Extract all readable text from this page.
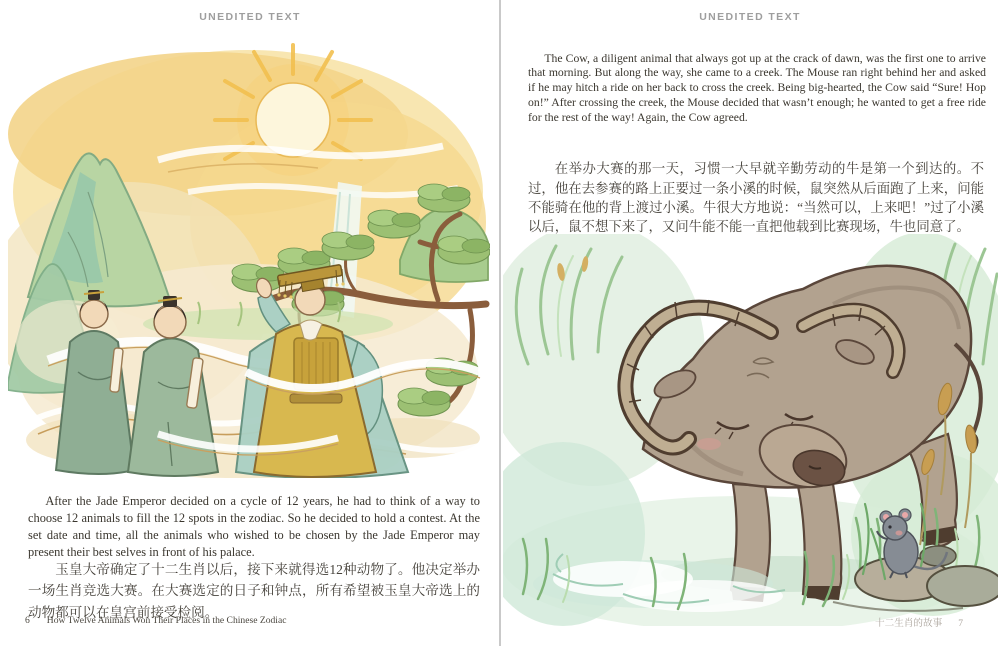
UNEDITED TEXT	UNEDITED TEXT

After the Jade Emperor decided on a cycle of 12 years, he had to think of a way to choose 12 animals to fill the 12 spots in the zodiac. So he decided to hold a contest. At the set date and time, all the animals who wished to be chosen by the Jade Emperor may present their best selves in front of his palace.

玉皇大帝确定了十二生肖以后，接下来就得选12种动物了。他决定举办一场生肖竞选大赛。在大赛选定的日子和钟点，所有希望被玉皇大帝选上的动物都可以在皇宫前接受检阅。

6 How Twelve Animals Won Their Places in the Chinese Zodiac

The Cow, a diligent animal that always got up at the crack of dawn, was the first one to arrive that morning. But along the way, she came to a creek. The Mouse ran right behind her and asked if he may hitch a ride on her back to cross the creek. Being big-hearted, the Cow said “Sure! Hop on!” After crossing the creek, the Mouse decided that wasn’t enough; he wanted to get a free ride for the rest of the way! Again, the Cow agreed.

在举办大赛的那一天，习惯一大早就辛勤劳动的牛是第一个到达的。不过，他在去参赛的路上正要过一条小溪的时候，鼠突然从后面跑了上来，问能不能骑在他的背上渡过小溪。牛很大方地说：“当然可以，上来吧！”过了小溪以后，鼠不想下来了，又问牛能不能一直把他载到比赛现场，牛也同意了。

十二生肖的故事 7
